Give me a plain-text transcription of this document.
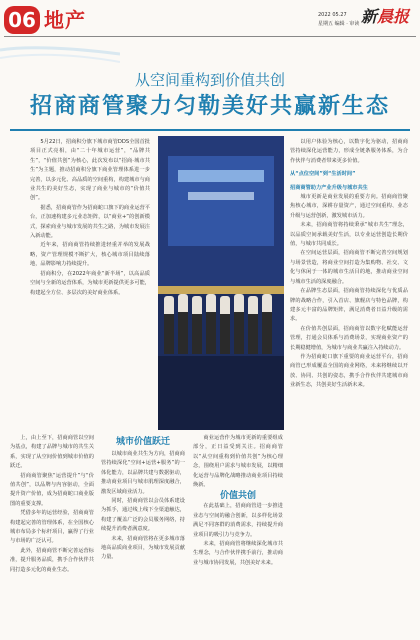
06 地产	2022 05.27
星期五 编辑 · 审读 新晨报
从空间重构到价值共创
招商商管聚力匀勒美好共赢新生态

5月22日，招商积分旗下城市商管DDS全国首批项目正式亮相，由“二十年城市运营”，“品牌共生”，“价值共创”为核心，此次发布以“招商·城市共生”为主题，推动招商积分旗下商业管理体系进一步完善，以多元化、高品质的空间重构，构建城市与商业共生的美好生态，实现了商业与城市的“价值共创”。

据悉，招商商管作为招商蛇口旗下的商业运营平台，正加速构建多元业态矩阵，以“商业+”的创新模式，探索商业与城市发展的共生之路，为城市发展注入新动能。

近年来，招商商管持续推进轻重并举的发展战略，资产管理规模不断扩大，核心城市项目陆续落地，品牌影响力持续提升。

招商积分，在2022年商业“新半场”，以高品质空间与全新的运营体系，为城市更新提供更多可能，构建起全方位、多层次的美好商业体系。

以用户体验为核心，以数字化为驱动，招商商管持续深化运营能力，形成全链条服务体系，为合作伙伴与消费者带来更多价值。

从“点位空间”到“生活时间”

招商商管助力产业升级与城市共生

城市更新是商业发展的重要方向。招商商管聚焦核心城市，深耕存量资产，通过空间重构、业态升级与运营创新，激发城市活力。

未来，招商商管将持续秉承“城市共生”理念，以品质空间承载美好生活，以专业运营创造长期价值，与城市共同成长。

在空间运营层面，招商商管不断完善空间规划与场景营造，将商业空间打造为集购物、社交、文化与休闲于一体的城市生活目的地，推动商业空间与城市生活的深度融合。

在品牌生态层面，招商商管持续深化与优质品牌的战略合作，引入首店、旗舰店与特色品牌，构建多元丰富的品牌矩阵，满足消费者日益升级的需求。

在价值共创层面，招商商管以数字化赋能运营管理，打通会员体系与消费场景，实现商业资产的长期稳健增值，为城市与商业共赢注入持续动力。

作为招商蛇口旗下重要的商业运营平台，招商商管已形成覆盖全国的商业网络，未来将继续以开放、协同、共创的姿态，携手合作伙伴共建城市商业新生态，共创美好生活新未来。

上，由上至下，招商商管以空间为基点，构建了品牌与城市的共生关系，实现了从空间价值到城市价值的跃迁。

招商商管聚焦“运营提升”与“价值共创”，以品牌与内容驱动，全面提升资产价值，成为招商蛇口商业版图的重要支撑。

凭借多年的运营经验，招商商管构建起完善的管理体系，在全国核心城市布局多个标杆项目，赢得了行业与市场的广泛认可。

此外，招商商管不断完善运营标准，提升服务品质，携手合作伙伴共同打造多元化的商业生态。

城市价值跃迁

以城市商业共生为方向，招商商管持续深化“空间+运营+服务”的一体化能力，以品牌共建与数据驱动，推动商业项目与城市肌理深度融合，激发区域商业活力。

同时，招商商管以会员体系建设为抓手，通过线上线下全渠道触达，构建了覆盖广泛的会员服务网络，持续提升消费者满意度。

未来，招商商管将在更多城市落地高品质商业项目，为城市发展贡献力量。

商业运营作为城市更新的重要组成部分，正日益受到关注。招商商管以“从空间重构到价值共创”为核心理念，围绕用户需求与城市发展，以精细化运营与品牌化战略推动商业项目持续焕新。

价值共创

在此基础上，招商商管进一步推进业态与空间的融合创新，以多样化场景满足不同客群的消费需求，持续提升商业项目的吸引力与竞争力。

未来，招商商管将继续深化城市共生理念，与合作伙伴携手前行，推动商业与城市协同发展，共创美好未来。
